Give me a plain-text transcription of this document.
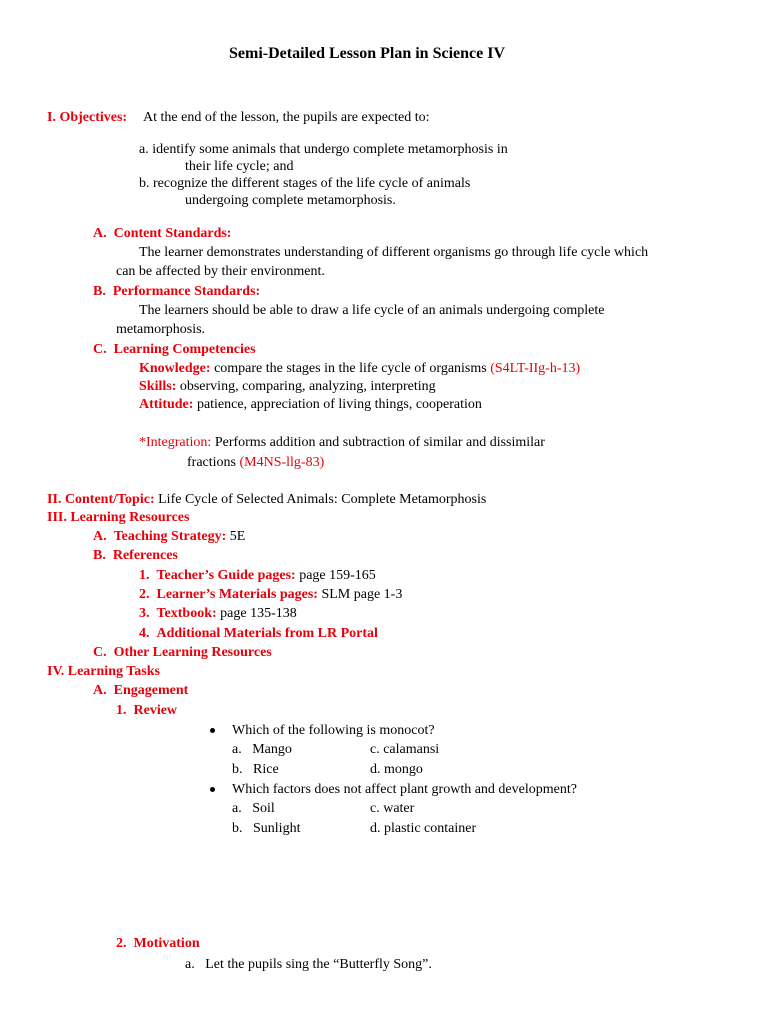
Semi-Detailed Lesson Plan in Science IV
I. Objectives: At the end of the lesson, the pupils are expected to:
a. identify some animals that undergo complete metamorphosis in
their life cycle; and
b. recognize the different stages of the life cycle of animals
undergoing complete metamorphosis.
A.  Content Standards:
The learner demonstrates understanding of different organisms go through life cycle which
can be affected by their environment.
B.  Performance Standards:
The learners should be able to draw a life cycle of an animals undergoing complete
metamorphosis.
C.  Learning Competencies
Knowledge: compare the stages in the life cycle of organisms (S4LT-IIg-h-13)
Skills: observing, comparing, analyzing, interpreting
Attitude: patience, appreciation of living things, cooperation
*Integration: Performs addition and subtraction of similar and dissimilar
fractions (M4NS-llg-83)
II. Content/Topic: Life Cycle of Selected Animals: Complete Metamorphosis
III. Learning Resources
A.  Teaching Strategy: 5E
B.  References
1.  Teacher’s Guide pages: page 159-165
2.  Learner’s Materials pages: SLM page 1-3
3.  Textbook: page 135-138
4.  Additional Materials from LR Portal
C.  Other Learning Resources
IV. Learning Tasks
A.  Engagement
1.  Review
Which of the following is monocot?
a.   Mango	c. calamansi
b.   Rice	d. mongo
Which factors does not affect plant growth and development?
a.   Soil	c. water
b.   Sunlight	d. plastic container
2.  Motivation
a.   Let the pupils sing the “Butterfly Song”.
